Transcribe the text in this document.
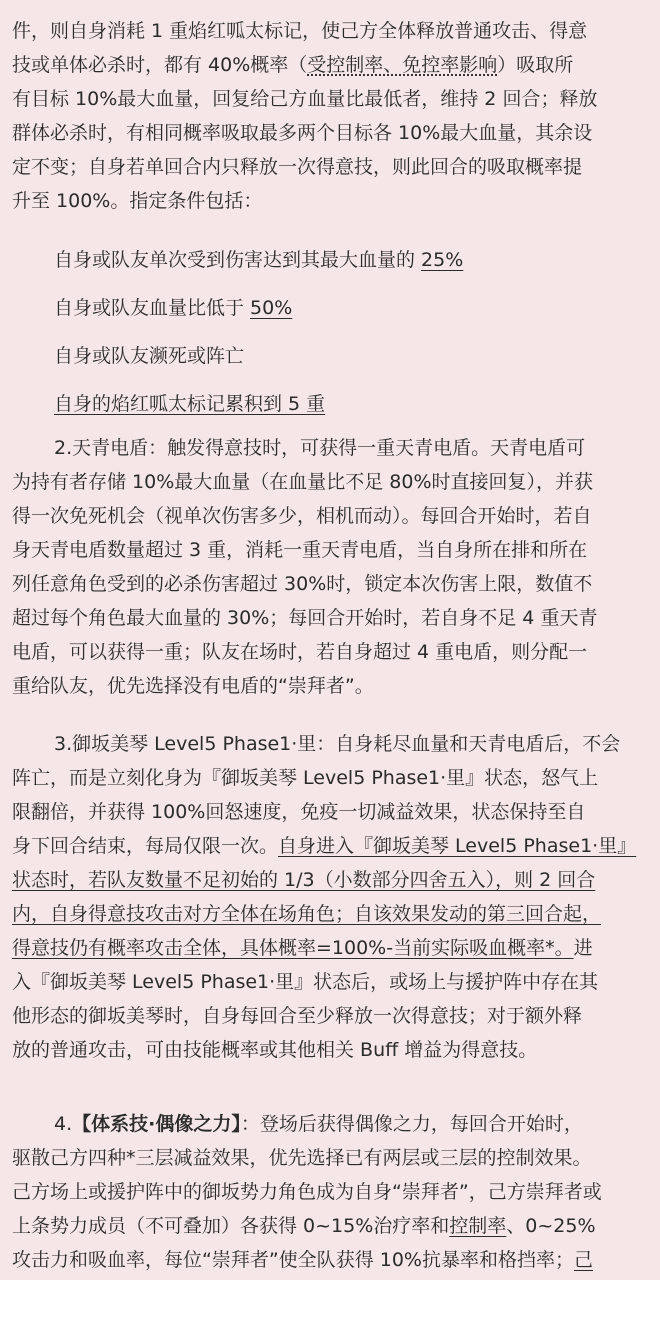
件，则自身消耗 1 重焰红呱太标记，使己方全体释放普通攻击、得意
技或单体必杀时，都有 40%概率（受控制率、免控率影响）吸取所
有目标 10%最大血量，回复给己方血量比最低者，维持 2 回合；释放
群体必杀时，有相同概率吸取最多两个目标各 10%最大血量，其余设
定不变；自身若单回合内只释放一次得意技，则此回合的吸取概率提
升至 100%。指定条件包括：

自身或队友单次受到伤害达到其最大血量的 25%

自身或队友血量比低于 50%

自身或队友濒死或阵亡

自身的焰红呱太标记累积到 5 重

2.天青电盾：触发得意技时，可获得一重天青电盾。天青电盾可
为持有者存储 10%最大血量（在血量比不足 80%时直接回复），并获
得一次免死机会（视单次伤害多少，相机而动）。每回合开始时，若自
身天青电盾数量超过 3 重，消耗一重天青电盾，当自身所在排和所在
列任意角色受到的必杀伤害超过 30%时，锁定本次伤害上限，数值不
超过每个角色最大血量的 30%；每回合开始时，若自身不足 4 重天青
电盾，可以获得一重；队友在场时，若自身超过 4 重电盾，则分配一
重给队友，优先选择没有电盾的“崇拜者”。
3.御坂美琴 Level5 Phase1·里：自身耗尽血量和天青电盾后，不会
阵亡，而是立刻化身为『御坂美琴 Level5 Phase1·里』状态，怒气上
限翻倍，并获得 100%回怒速度，免疫一切减益效果，状态保持至自
身下回合结束，每局仅限一次。自身进入『御坂美琴 Level5 Phase1·里』
状态时，若队友数量不足初始的 1/3（小数部分四舍五入），则 2 回合
内，自身得意技攻击对方全体在场角色；自该效果发动的第三回合起，
得意技仍有概率攻击全体，具体概率=100%-当前实际吸血概率*。进
入『御坂美琴 Level5 Phase1·里』状态后，或场上与援护阵中存在其
他形态的御坂美琴时，自身每回合至少释放一次得意技；对于额外释
放的普通攻击，可由技能概率或其他相关 Buff 增益为得意技。
4.【体系技·偶像之力】：登场后获得偶像之力，每回合开始时，
驱散己方四种*三层减益效果，优先选择已有两层或三层的控制效果。
己方场上或援护阵中的御坂势力角色成为自身“崇拜者”，己方崇拜者或
上条势力成员（不可叠加）各获得 0~15%治疗率和控制率、0~25%
攻击力和吸血率，每位“崇拜者”使全队获得 10%抗暴率和格挡率；己
